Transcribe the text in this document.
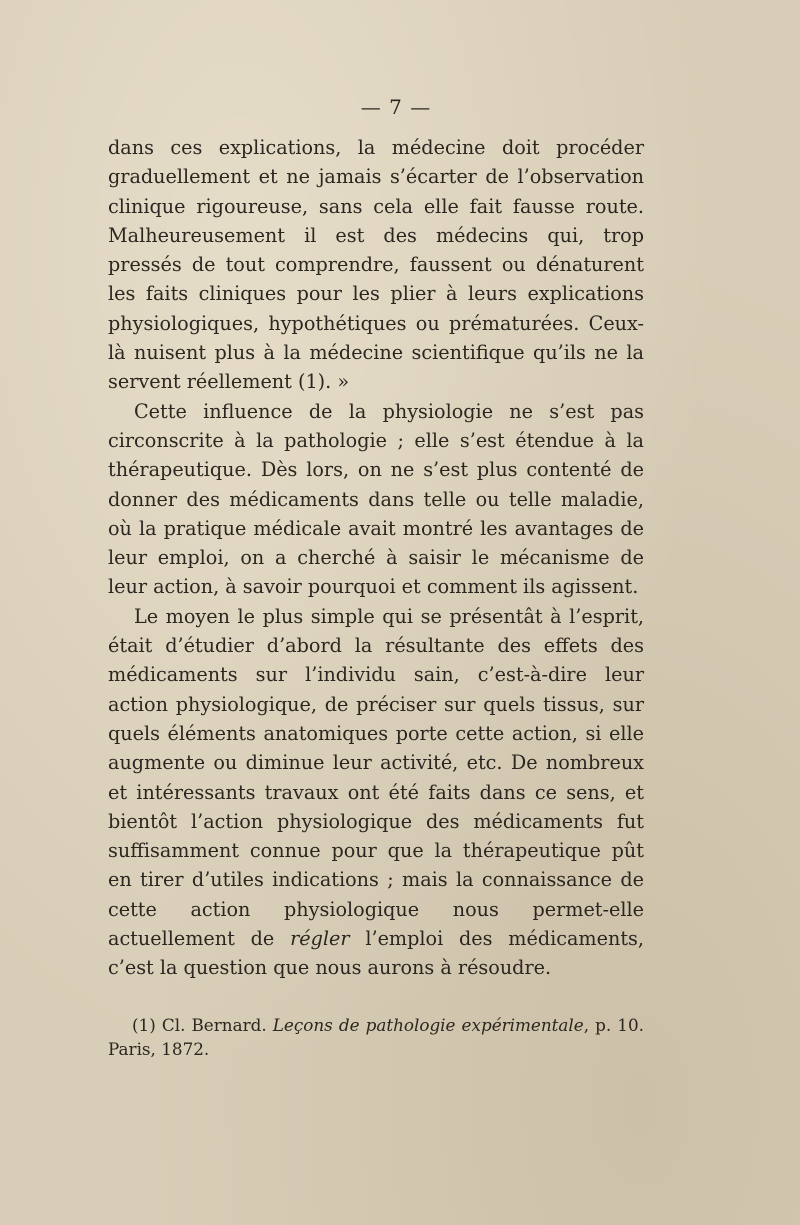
— 7 —

dans ces explications, la médecine doit procéder graduellement et ne jamais s’écarter de l’observation clinique rigoureuse, sans cela elle fait fausse route. Malheureusement il est des médecins qui, trop pressés de tout comprendre, faussent ou dénaturent les faits cliniques pour les plier à leurs explications physiologiques, hypothétiques ou prématurées. Ceux-là nuisent plus à la médecine scientifique qu’ils ne la servent réellement (1). »

Cette influence de la physiologie ne s’est pas circonscrite à la pathologie ; elle s’est étendue à la thérapeutique. Dès lors, on ne s’est plus contenté de donner des médicaments dans telle ou telle maladie, où la pratique médicale avait montré les avantages de leur emploi, on a cherché à saisir le mécanisme de leur action, à savoir pourquoi et comment ils agissent.

Le moyen le plus simple qui se présentât à l’esprit, était d’étudier d’abord la résultante des effets des médicaments sur l’individu sain, c’est-à-dire leur action physiologique, de préciser sur quels tissus, sur quels éléments anatomiques porte cette action, si elle augmente ou diminue leur activité, etc. De nombreux et intéressants travaux ont été faits dans ce sens, et bientôt l’action physiologique des médicaments fut suffisamment connue pour que la thérapeutique pût en tirer d’utiles indications ; mais la connaissance de cette action physiologique nous permet-elle actuellement de régler l’emploi des médicaments, c’est la question que nous aurons à résoudre.

(1) Cl. Bernard. Leçons de pathologie expérimentale, p. 10. Paris, 1872.
